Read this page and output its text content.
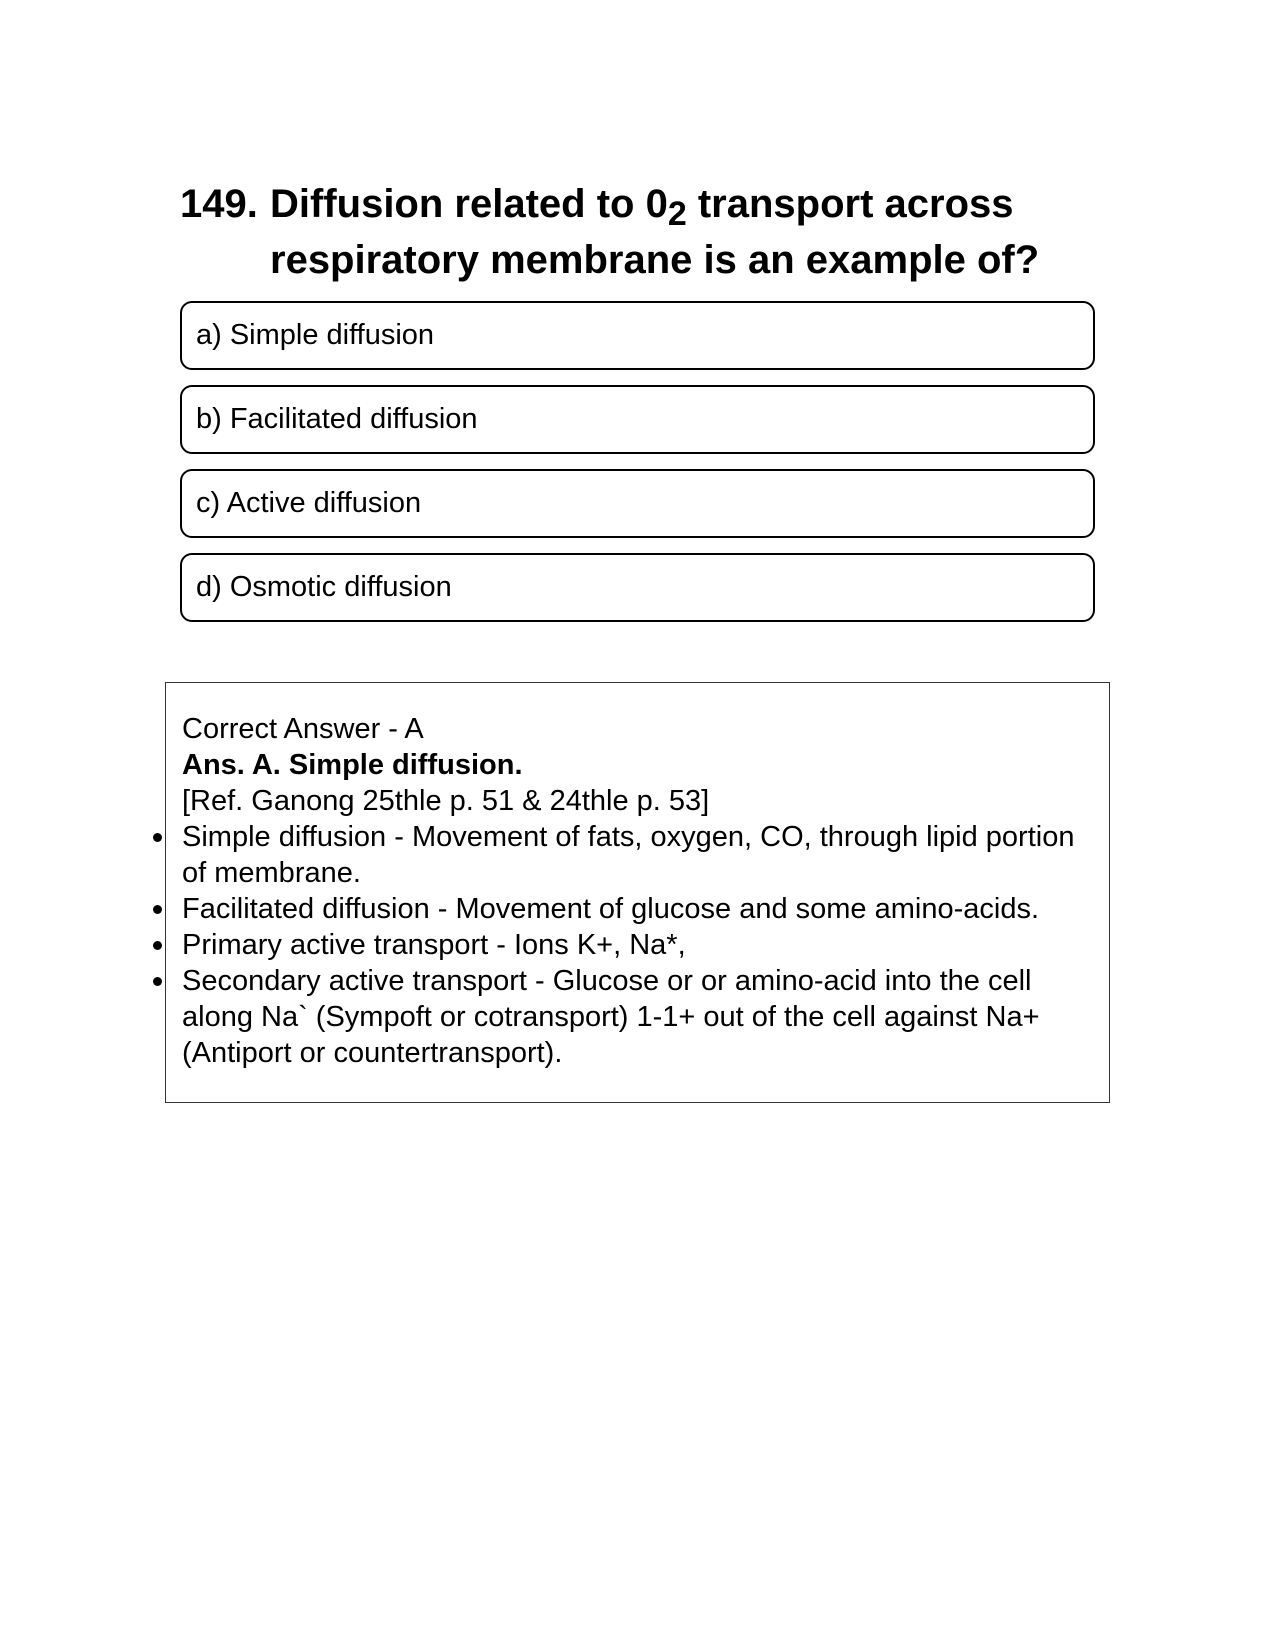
149. Diffusion related to $0_2$ transport across respiratory membrane is an example of?
a) Simple diffusion
b) Facilitated diffusion
c) Active diffusion
d) Osmotic diffusion
Correct Answer - A
Ans. A. Simple diffusion.
[Ref. Ganong 25thle p. 51 & 24thle p. 53]
Simple diffusion - Movement of fats, oxygen, CO, through lipid portion of membrane.
Facilitated diffusion - Movement of glucose and some amino-acids.
Primary active transport - Ions K+, Na*,
Secondary active transport - Glucose or or amino-acid into the cell along Na` (Sympoft or cotransport) 1-1+ out of the cell against Na+ (Antiport or countertransport).
